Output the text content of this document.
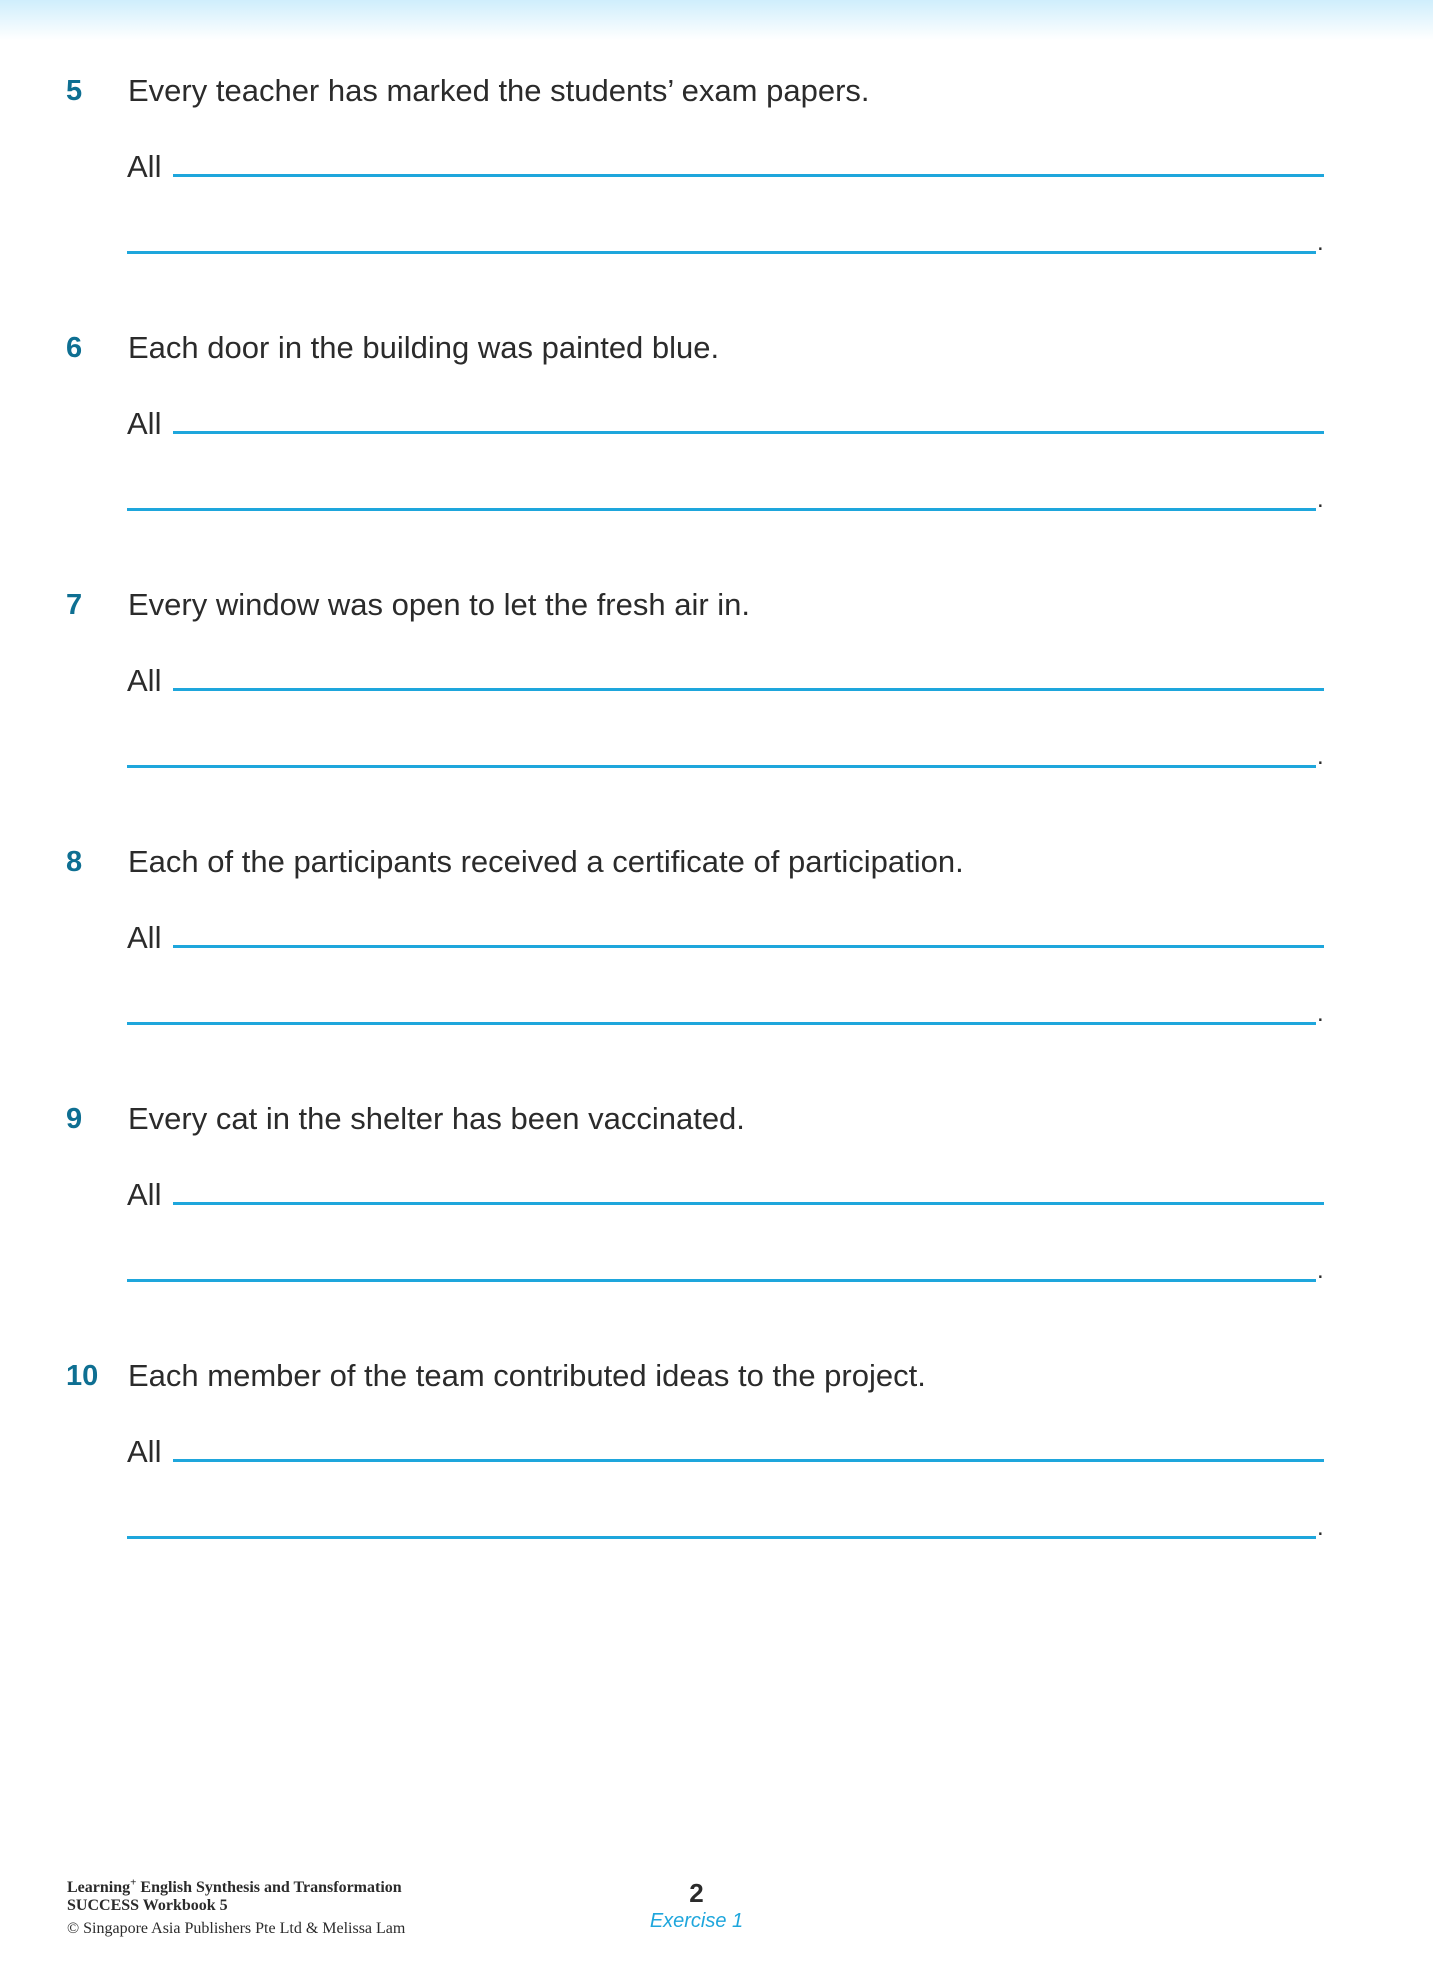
5 Every teacher has marked the students’ exam papers.
All
.
6 Each door in the building was painted blue.
All
.
7 Every window was open to let the fresh air in.
All
.
8 Each of the participants received a certificate of participation.
All
.
9 Every cat in the shelter has been vaccinated.
All
.
10 Each member of the team contributed ideas to the project.
All
.
Learning+ English Synthesis and Transformation
SUCCESS Workbook 5
© Singapore Asia Publishers Pte Ltd & Melissa Lam
2
Exercise 1
